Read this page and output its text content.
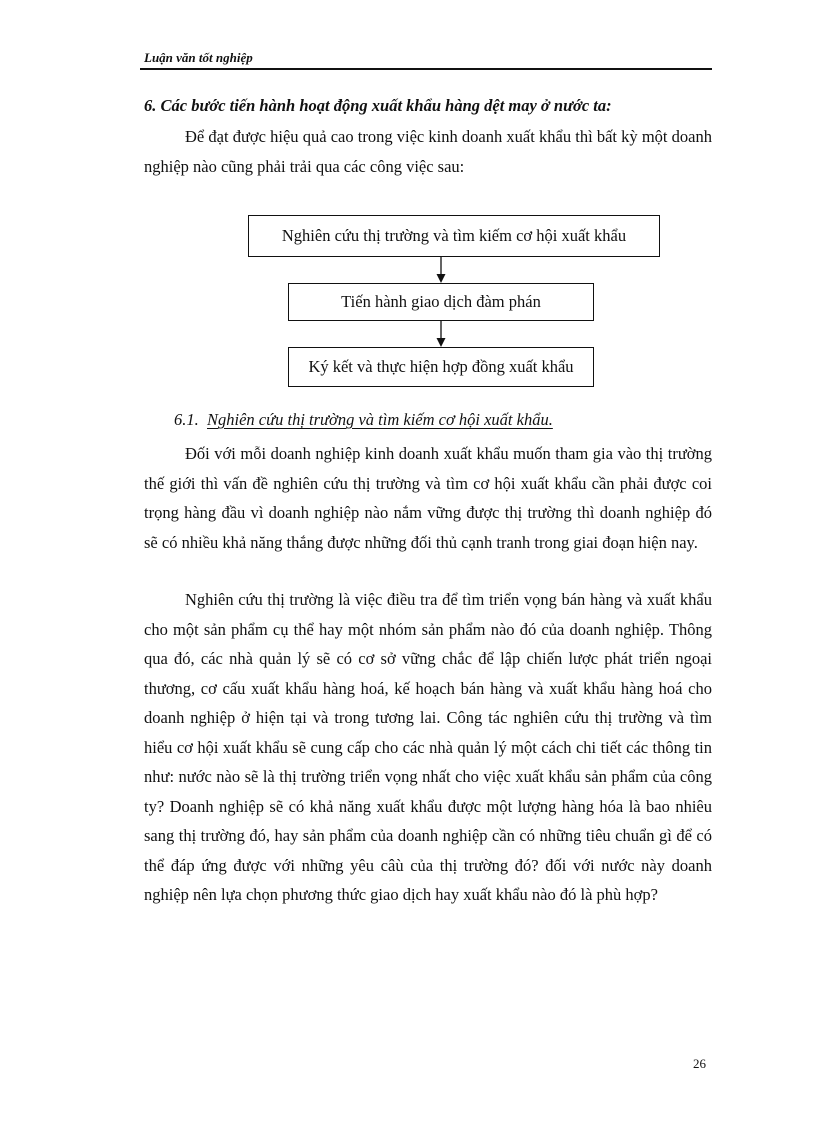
Luận văn tốt nghiệp
6. Các bước tiến hành hoạt động xuất khẩu hàng dệt may ở nước ta:
Để đạt được hiệu quả cao trong việc kinh doanh xuất khẩu thì bất kỳ một doanh nghiệp nào cũng phải trải qua các công việc sau:
Nghiên cứu thị trường và tìm kiếm cơ hội xuất khẩu
Tiến hành giao dịch đàm phán
Ký kết và thực hiện hợp đồng xuất khẩu
6.1. Nghiên cứu thị trường và tìm kiếm cơ hội xuất khẩu.
Đối với mỗi doanh nghiệp kinh doanh xuất khẩu muốn tham gia vào thị trường thế giới thì vấn đề nghiên cứu thị trường và tìm cơ hội xuất khẩu cần phải được coi trọng hàng đầu vì doanh nghiệp nào nắm vững được thị trường thì doanh nghiệp đó sẽ có nhiều khả năng thắng được những đối thủ cạnh tranh trong giai đoạn hiện nay.
Nghiên cứu thị trường là việc điều tra để tìm triển vọng bán hàng và xuất khẩu cho một sản phẩm cụ thể hay một nhóm sản phẩm nào đó của doanh nghiệp. Thông qua đó, các nhà quản lý sẽ có cơ sở vững chắc để lập chiến lược phát triển ngoại thương, cơ cấu xuất khẩu hàng hoá, kế hoạch bán hàng và xuất khẩu hàng hoá cho doanh nghiệp ở hiện tại và trong tương lai. Công tác nghiên cứu thị trường và tìm hiểu cơ hội xuất khẩu sẽ cung cấp cho các nhà quản lý một cách chi tiết các thông tin như: nước nào sẽ là thị trường triển vọng nhất cho việc xuất khẩu sản phẩm của công ty? Doanh nghiệp sẽ có khả năng xuất khẩu được một lượng hàng hóa là bao nhiêu sang thị trường đó, hay sản phẩm của doanh nghiệp cần có những tiêu chuẩn gì để có thể đáp ứng được với những yêu câù của thị trường đó? đối với nước này doanh nghiệp nên lựa chọn phương thức giao dịch hay xuất khẩu nào đó là phù hợp?
26
